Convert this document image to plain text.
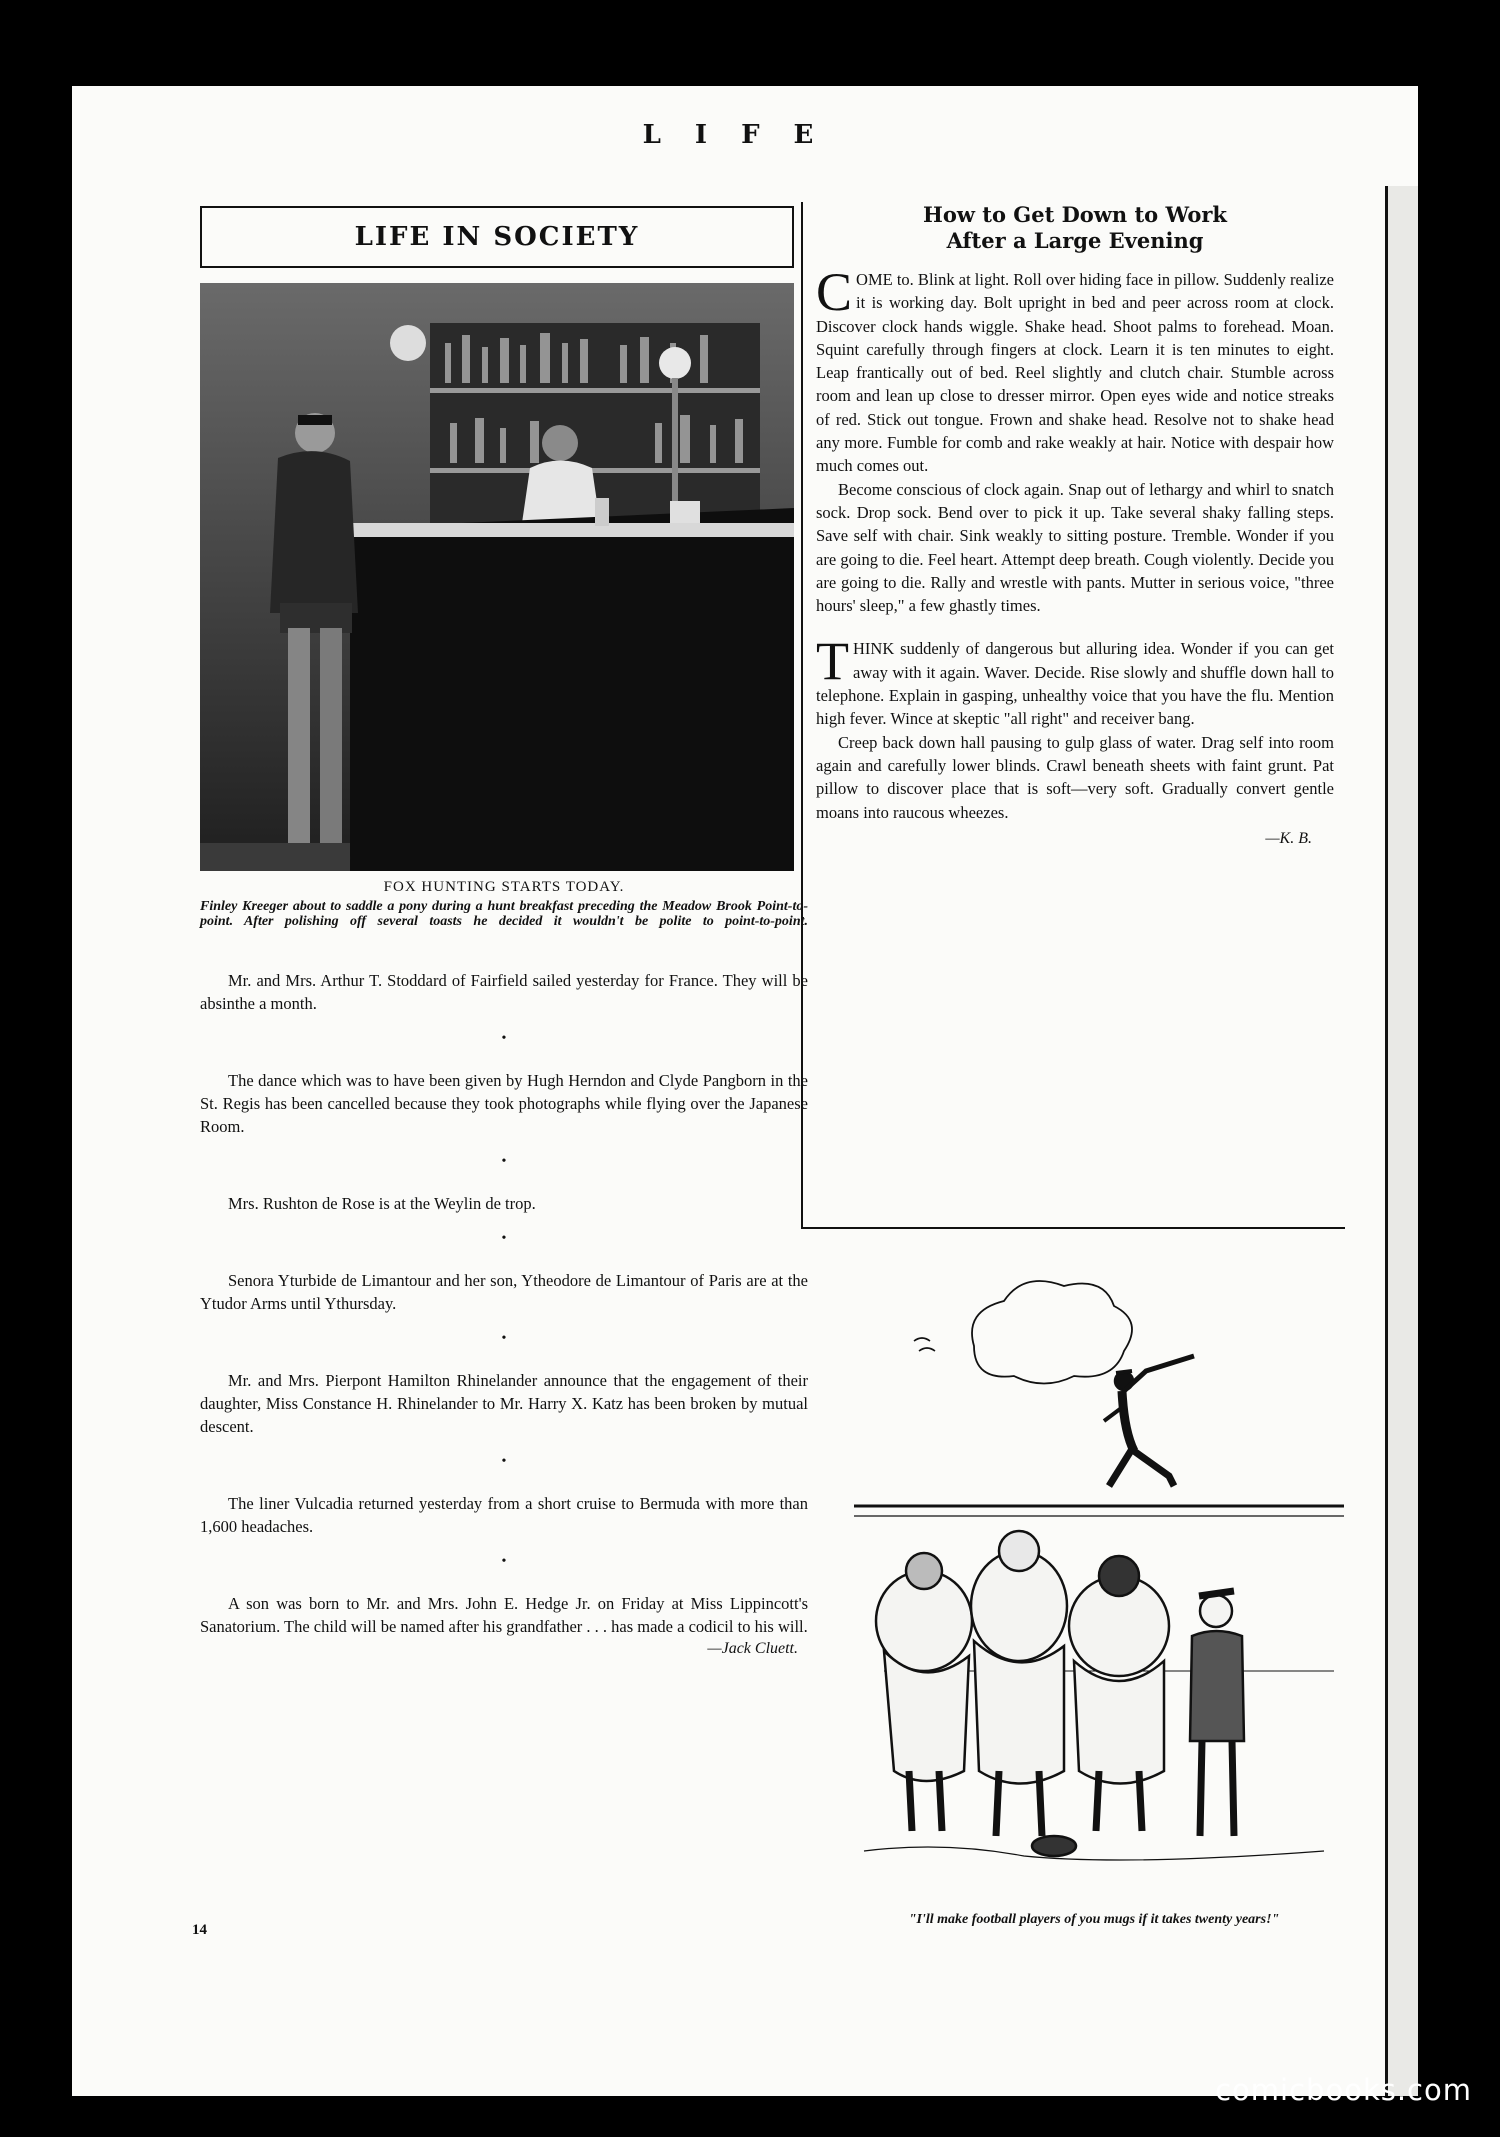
LIFE
LIFE IN SOCIETY
FOX HUNTING STARTS TODAY.
Finley Kreeger about to saddle a pony during a hunt breakfast preceding the Meadow Brook Point-to-point. After polishing off several toasts he decided it wouldn't be polite to point-to-point.

Mr. and Mrs. Arthur T. Stoddard of Fairfield sailed yesterday for France. They will be absinthe a month.

•

The dance which was to have been given by Hugh Herndon and Clyde Pangborn in the St. Regis has been cancelled because they took photographs while flying over the Japanese Room.

•

Mrs. Rushton de Rose is at the Weylin de trop.

•

Senora Yturbide de Limantour and her son, Ytheodore de Limantour of Paris are at the Ytudor Arms until Ythursday.

•

Mr. and Mrs. Pierpont Hamilton Rhinelander announce that the engagement of their daughter, Miss Constance H. Rhinelander to Mr. Harry X. Katz has been broken by mutual descent.

•

The liner Vulcadia returned yesterday from a short cruise to Bermuda with more than 1,600 headaches.

•

A son was born to Mr. and Mrs. John E. Hedge Jr. on Friday at Miss Lippincott's Sanatorium. The child will be named after his grandfather . . . has made a codicil to his will.

—Jack Cluett.
How to Get Down to Work
After a Large Evening

COME to. Blink at light. Roll over hiding face in pillow. Suddenly realize it is working day. Bolt upright in bed and peer across room at clock. Discover clock hands wiggle. Shake head. Shoot palms to forehead. Moan. Squint carefully through fingers at clock. Learn it is ten minutes to eight. Leap frantically out of bed. Reel slightly and clutch chair. Stumble across room and lean up close to dresser mirror. Open eyes wide and notice streaks of red. Stick out tongue. Frown and shake head. Resolve not to shake head any more. Fumble for comb and rake weakly at hair. Notice with despair how much comes out.

Become conscious of clock again. Snap out of lethargy and whirl to snatch sock. Drop sock. Bend over to pick it up. Take several shaky falling steps. Save self with chair. Sink weakly to sitting posture. Tremble. Wonder if you are going to die. Feel heart. Attempt deep breath. Cough violently. Decide you are going to die. Rally and wrestle with pants. Mutter in serious voice, "three hours' sleep," a few ghastly times.

THINK suddenly of dangerous but alluring idea. Wonder if you can get away with it again. Waver. Decide. Rise slowly and shuffle down hall to telephone. Explain in gasping, unhealthy voice that you have the flu. Mention high fever. Wince at skeptic "all right" and receiver bang.

Creep back down hall pausing to gulp glass of water. Drag self into room again and carefully lower blinds. Crawl beneath sheets with faint grunt. Pat pillow to discover place that is soft—very soft. Gradually convert gentle moans into raucous wheezes.

—K. B.
"I'll make football players of you mugs if it takes twenty years!"
14
comicbooks.com
